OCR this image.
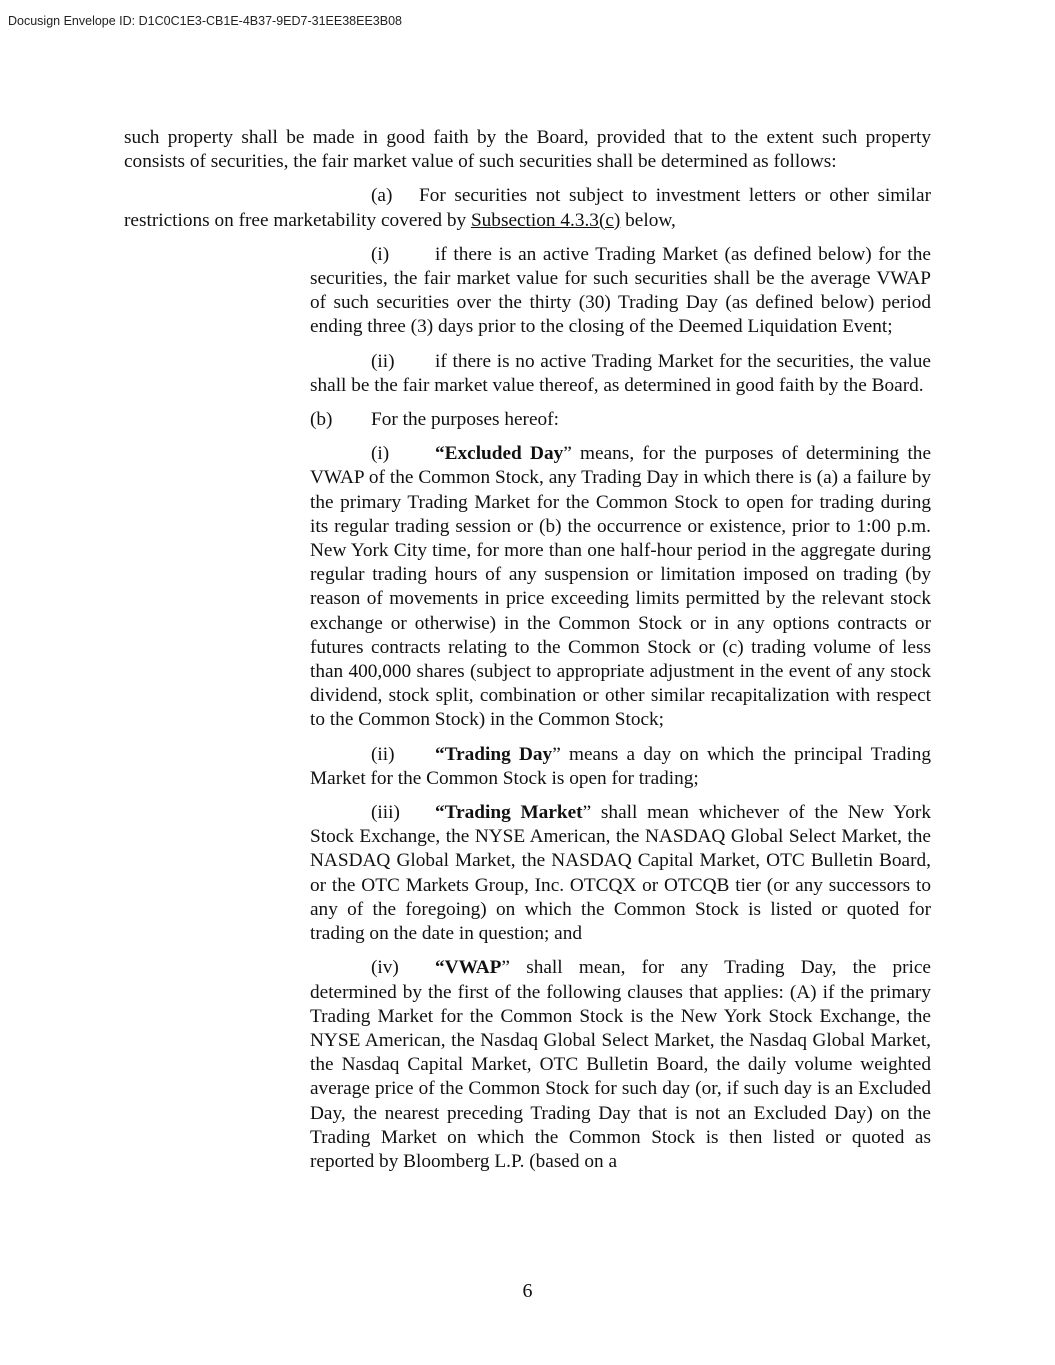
Docusign Envelope ID: D1C0C1E3-CB1E-4B37-9ED7-31EE38EE3B08

such property shall be made in good faith by the Board, provided that to the extent such property consists of securities, the fair market value of such securities shall be determined as follows:

(a) For securities not subject to investment letters or other similar restrictions on free marketability covered by Subsection 4.3.3(c) below,

(i) if there is an active Trading Market (as defined below) for the securities, the fair market value for such securities shall be the average VWAP of such securities over the thirty (30) Trading Day (as defined below) period ending three (3) days prior to the closing of the Deemed Liquidation Event;

(ii) if there is no active Trading Market for the securities, the value shall be the fair market value thereof, as determined in good faith by the Board.

(b) For the purposes hereof:

(i) “Excluded Day” means, for the purposes of determining the VWAP of the Common Stock, any Trading Day in which there is (a) a failure by the primary Trading Market for the Common Stock to open for trading during its regular trading session or (b) the occurrence or existence, prior to 1:00 p.m. New York City time, for more than one half-hour period in the aggregate during regular trading hours of any suspension or limitation imposed on trading (by reason of movements in price exceeding limits permitted by the relevant stock exchange or otherwise) in the Common Stock or in any options contracts or futures contracts relating to the Common Stock or (c) trading volume of less than 400,000 shares (subject to appropriate adjustment in the event of any stock dividend, stock split, combination or other similar recapitalization with respect to the Common Stock) in the Common Stock;

(ii) “Trading Day” means a day on which the principal Trading Market for the Common Stock is open for trading;

(iii) “Trading Market” shall mean whichever of the New York Stock Exchange, the NYSE American, the NASDAQ Global Select Market, the NASDAQ Global Market, the NASDAQ Capital Market, OTC Bulletin Board, or the OTC Markets Group, Inc. OTCQX or OTCQB tier (or any successors to any of the foregoing) on which the Common Stock is listed or quoted for trading on the date in question; and

(iv) “VWAP” shall mean, for any Trading Day, the price determined by the first of the following clauses that applies: (A) if the primary Trading Market for the Common Stock is the New York Stock Exchange, the NYSE American, the Nasdaq Global Select Market, the Nasdaq Global Market, the Nasdaq Capital Market, OTC Bulletin Board, the daily volume weighted average price of the Common Stock for such day (or, if such day is an Excluded Day, the nearest preceding Trading Day that is not an Excluded Day) on the Trading Market on which the Common Stock is then listed or quoted as reported by Bloomberg L.P. (based on a

6
